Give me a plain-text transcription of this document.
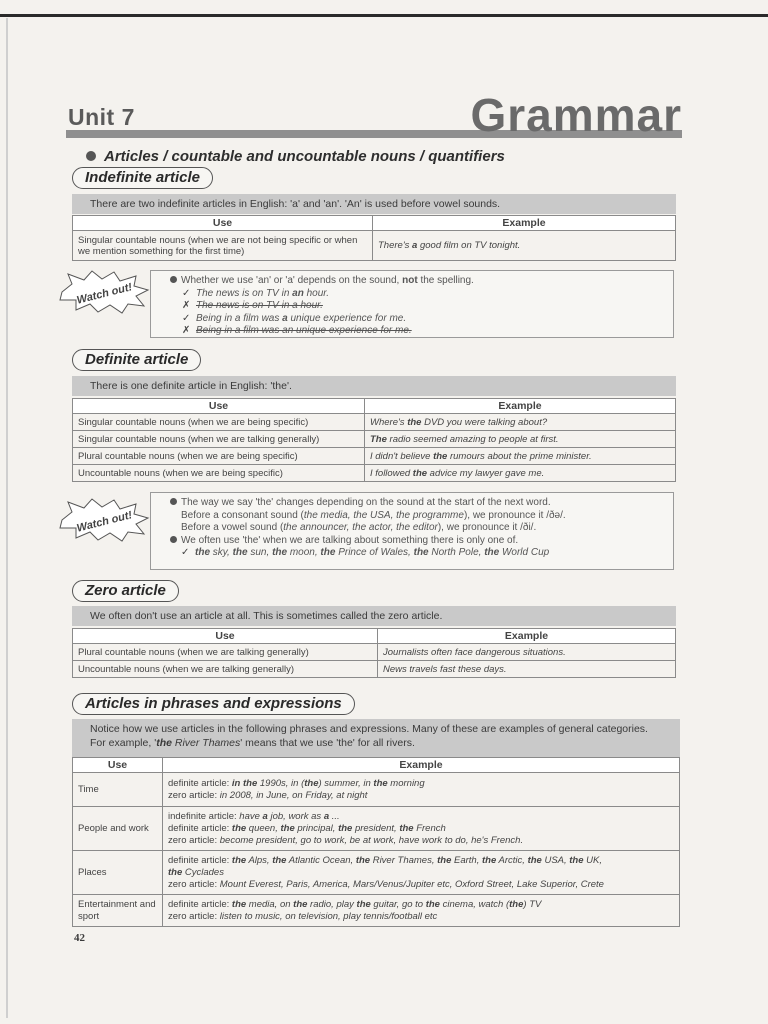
Unit 7	Grammar
Articles / countable and uncountable nouns / quantifiers
Indefinite article
There are two indefinite articles in English: 'a' and 'an'. 'An' is used before vowel sounds.
Use	Example
Singular countable nouns (when we are not being specific or when we mention something for the first time)	There's a good film on TV tonight.
Watch out!
Whether we use 'an' or 'a' depends on the sound, not the spelling.
✓ The news is on TV in an hour.
✗ The news is on TV in a hour.
✓ Being in a film was a unique experience for me.
✗ Being in a film was an unique experience for me.
Definite article
There is one definite article in English: 'the'.
Use	Example
Singular countable nouns (when we are being specific)	Where's the DVD you were talking about?
Singular countable nouns (when we are talking generally)	The radio seemed amazing to people at first.
Plural countable nouns (when we are being specific)	I didn't believe the rumours about the prime minister.
Uncountable nouns (when we are being specific)	I followed the advice my lawyer gave me.
Watch out!
The way we say 'the' changes depending on the sound at the start of the next word.
Before a consonant sound (the media, the USA, the programme), we pronounce it /ðə/.
Before a vowel sound (the announcer, the actor, the editor), we pronounce it /ði/.
We often use 'the' when we are talking about something there is only one of.
✓ the sky, the sun, the moon, the Prince of Wales, the North Pole, the World Cup
Zero article
We often don't use an article at all. This is sometimes called the zero article.
Use	Example
Plural countable nouns (when we are talking generally)	Journalists often face dangerous situations.
Uncountable nouns (when we are talking generally)	News travels fast these days.
Articles in phrases and expressions
Notice how we use articles in the following phrases and expressions. Many of these are examples of general categories. For example, 'the River Thames' means that we use 'the' for all rivers.
Use	Example
Time	definite article: in the 1990s, in (the) summer, in the morning
zero article: in 2008, in June, on Friday, at night

People and work	indefinite article: have a job, work as a ...
definite article: the queen, the principal, the president, the French
zero article: become president, go to work, be at work, have work to do, he's French.

Places	definite article: the Alps, the Atlantic Ocean, the River Thames, the Earth, the Arctic, the USA, the UK,
the Cyclades
zero article: Mount Everest, Paris, America, Mars/Venus/Jupiter etc, Oxford Street, Lake Superior, Crete

Entertainment and sport	definite article: the media, on the radio, play the guitar, go to the cinema, watch (the) TV
zero article: listen to music, on television, play tennis/football etc
42
